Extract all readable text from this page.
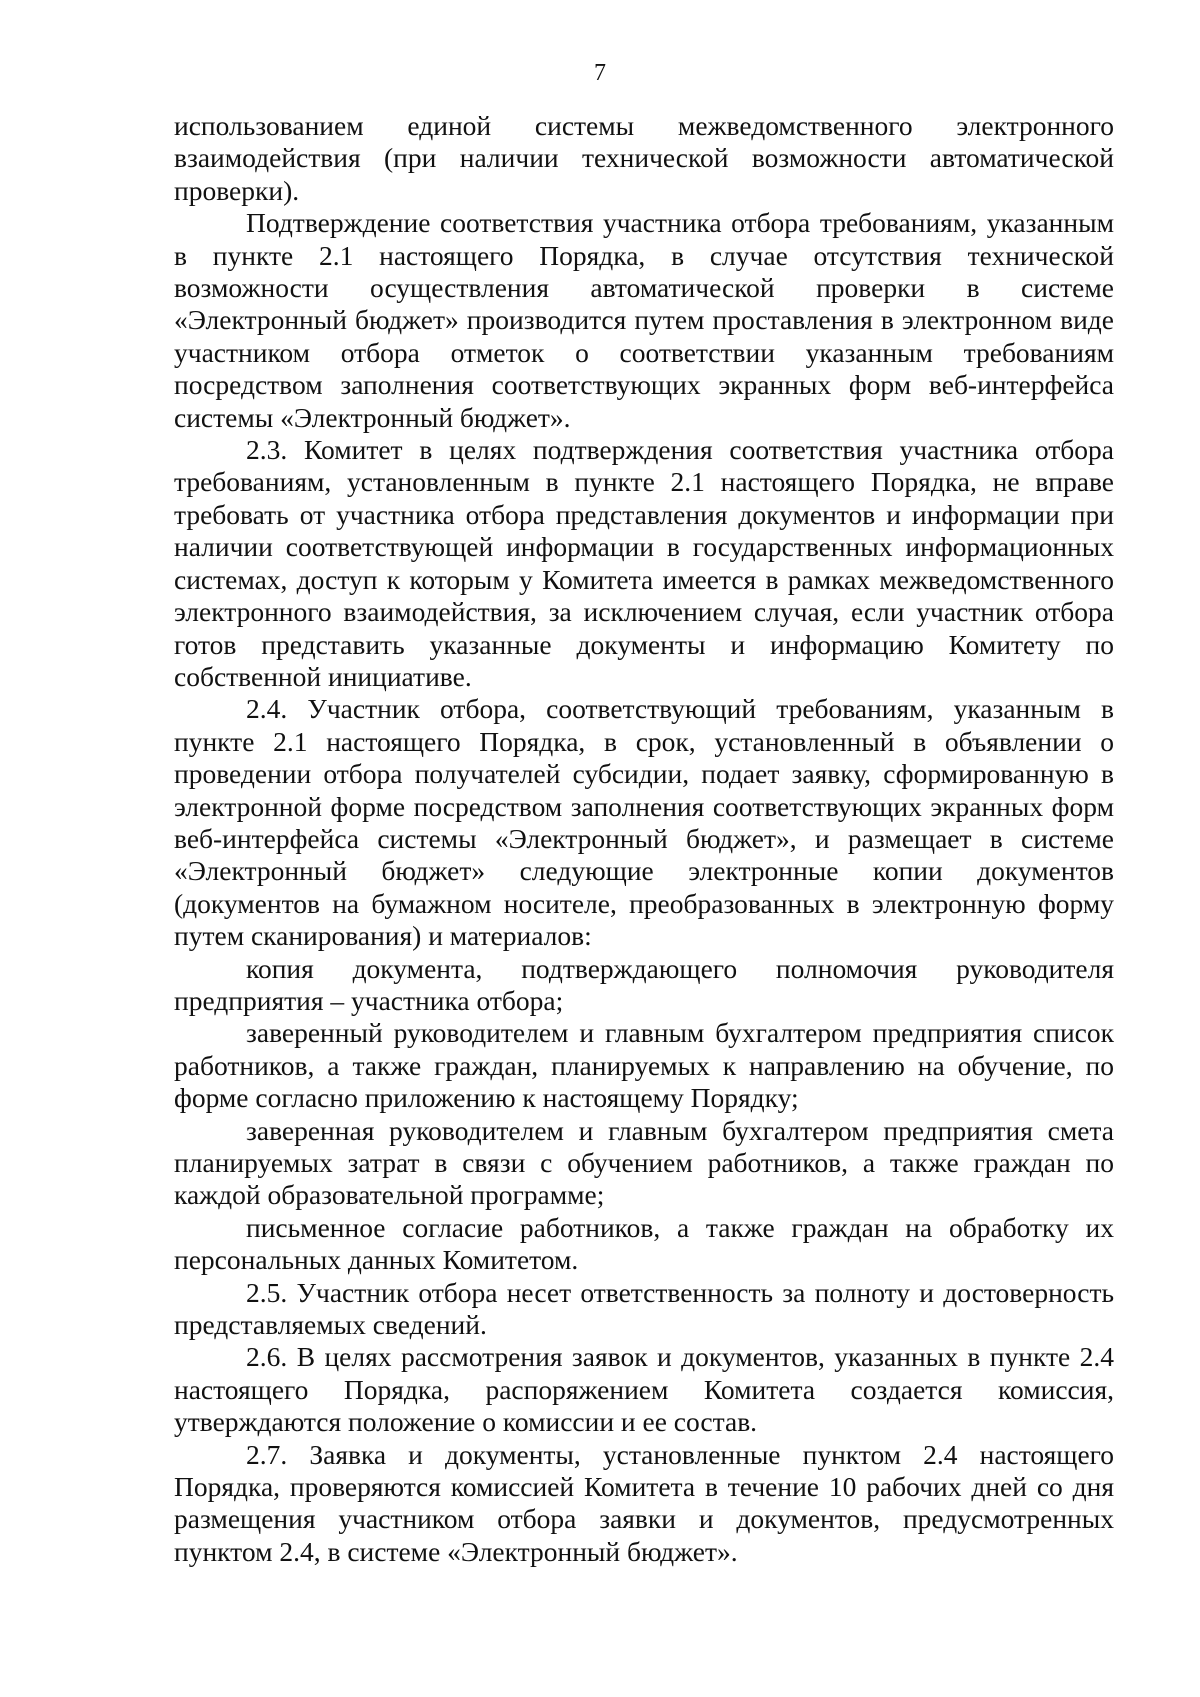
7

использованием единой системы межведомственного электронного взаимодействия (при наличии технической возможности автоматической проверки).

Подтверждение соответствия участника отбора требованиям, указанным в пункте 2.1 настоящего Порядка, в случае отсутствия технической возможности осуществления автоматической проверки в системе «Электронный бюджет» производится путем проставления в электронном виде участником отбора отметок о соответствии указанным требованиям посредством заполнения соответствующих экранных форм веб-интерфейса системы «Электронный бюджет».

2.3. Комитет в целях подтверждения соответствия участника отбора требованиям, установленным в пункте 2.1 настоящего Порядка, не вправе требовать от участника отбора представления документов и информации при наличии соответствующей информации в государственных информационных системах, доступ к которым у Комитета имеется в рамках межведомственного электронного взаимодействия, за исключением случая, если участник отбора готов представить указанные документы и информацию Комитету по собственной инициативе.

2.4. Участник отбора, соответствующий требованиям, указанным в пункте 2.1 настоящего Порядка, в срок, установленный в объявлении о проведении отбора получателей субсидии, подает заявку, сформированную в электронной форме посредством заполнения соответствующих экранных форм веб-интерфейса системы «Электронный бюджет», и размещает в системе «Электронный бюджет» следующие электронные копии документов (документов на бумажном носителе, преобразованных в электронную форму путем сканирования) и материалов:

копия документа, подтверждающего полномочия руководителя предприятия – участника отбора;

заверенный руководителем и главным бухгалтером предприятия список работников, а также граждан, планируемых к направлению на обучение, по форме согласно приложению к настоящему Порядку;

заверенная руководителем и главным бухгалтером предприятия смета планируемых затрат в связи с обучением работников, а также граждан по каждой образовательной программе;

письменное согласие работников, а также граждан на обработку их персональных данных Комитетом.

2.5. Участник отбора несет ответственность за полноту и достоверность представляемых сведений.

2.6. В целях рассмотрения заявок и документов, указанных в пункте 2.4 настоящего Порядка, распоряжением Комитета создается комиссия, утверждаются положение о комиссии и ее состав.

2.7. Заявка и документы, установленные пунктом 2.4 настоящего Порядка, проверяются комиссией Комитета в течение 10 рабочих дней со дня размещения участником отбора заявки и документов, предусмотренных пунктом 2.4, в системе «Электронный бюджет».
